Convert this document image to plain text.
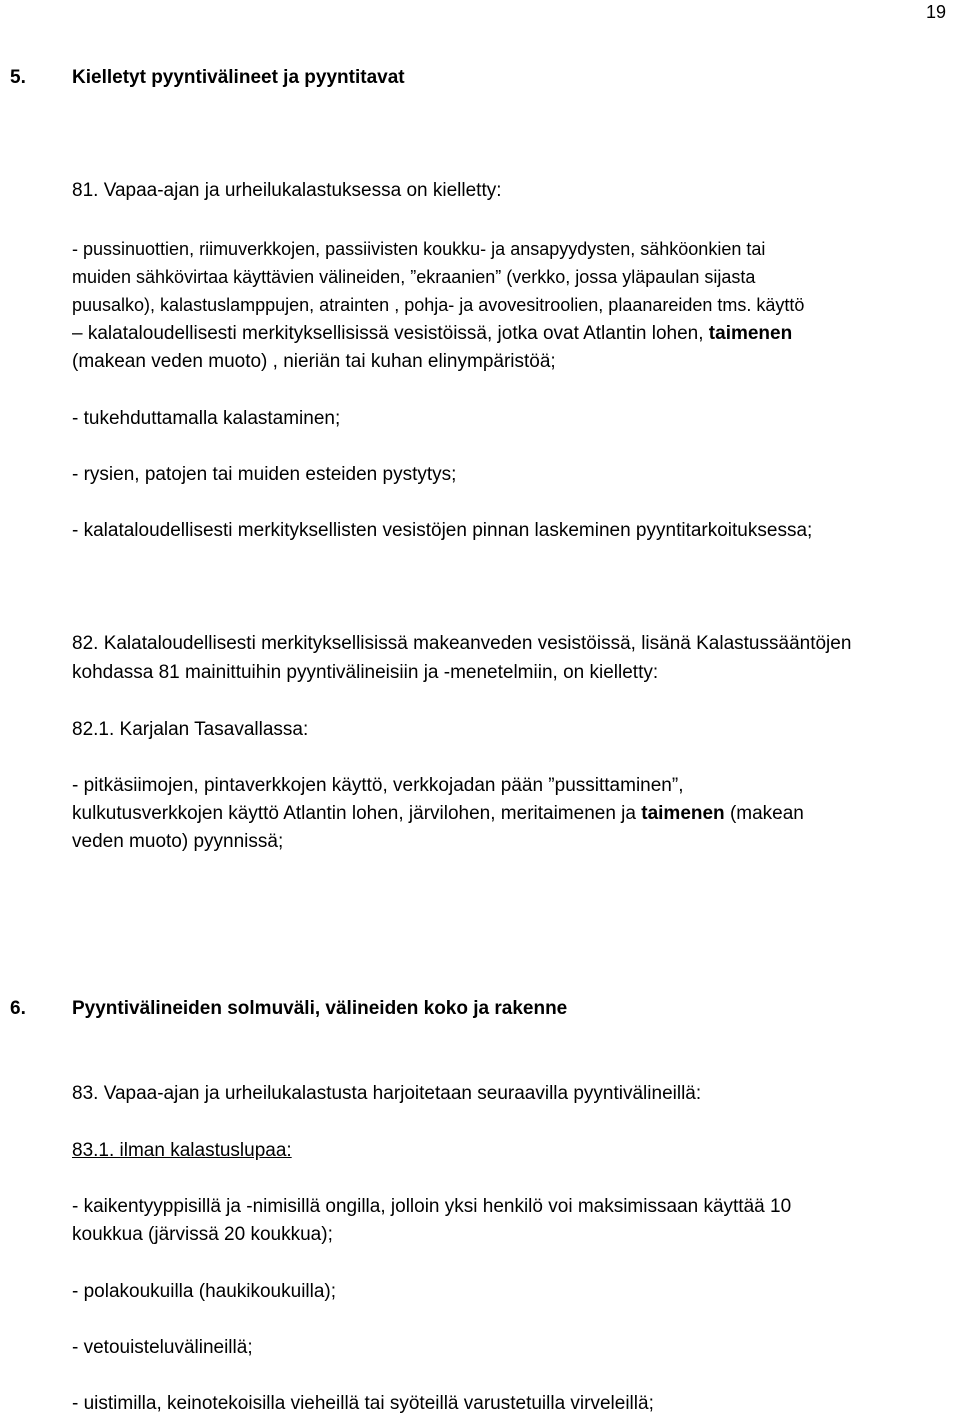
19
5. Kielletyt pyyntivälineet ja pyyntitavat
81. Vapaa-ajan ja urheilukalastuksessa on kielletty:
- pussinuottien, riimuverkkojen, passiivisten koukku- ja ansapyydysten, sähköonkien tai
muiden sähkövirtaa käyttävien välineiden, ”ekraanien” (verkko, jossa yläpaulan sijasta
puusalko), kalastuslamppujen, atrainten , pohja- ja avovesitroolien, plaanareiden tms. käyttö
– kalataloudellisesti merkityksellisissä vesistöissä, jotka ovat Atlantin lohen, taimenen
(makean veden muoto) , nieriän tai kuhan elinympäristöä;
- tukehduttamalla kalastaminen;
- rysien, patojen tai muiden esteiden pystytys;
- kalataloudellisesti merkityksellisten vesistöjen pinnan laskeminen pyyntitarkoituksessa;
82. Kalataloudellisesti merkityksellisissä makeanveden vesistöissä, lisänä Kalastussääntöjen
kohdassa 81 mainittuihin pyyntivälineisiin ja -menetelmiin, on kielletty:
82.1. Karjalan Tasavallassa:
- pitkäsiimojen, pintaverkkojen käyttö, verkkojadan pään ”pussittaminen”,
kulkutusverkkojen käyttö Atlantin lohen, järvilohen, meritaimenen ja taimenen (makean
veden muoto) pyynnissä;
6. Pyyntivälineiden solmuväli, välineiden koko ja rakenne
83. Vapaa-ajan ja urheilukalastusta harjoitetaan seuraavilla pyyntivälineillä:
83.1. ilman kalastuslupaa:
- kaikentyyppisillä ja -nimisillä ongilla, jolloin yksi henkilö voi maksimissaan käyttää 10
koukkua (järvissä 20 koukkua);
- polakoukuilla (haukikoukuilla);
- vetouisteluvälineillä;
- uistimilla, keinotekoisilla vieheillä tai syöteillä varustetuilla virveleillä;
